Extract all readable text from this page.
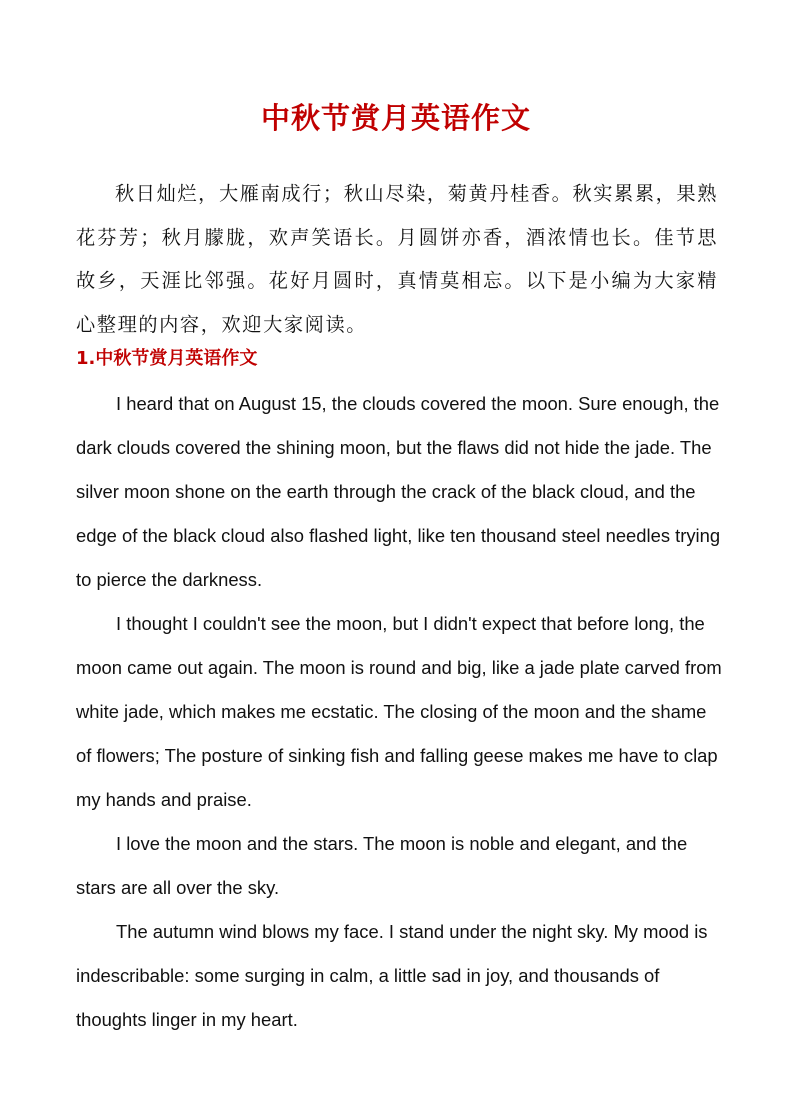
中秋节赏月英语作文

秋日灿烂，大雁南成行；秋山尽染，菊黄丹桂香。秋实累累，果熟花芬芳；秋月朦胧，欢声笑语长。月圆饼亦香，酒浓情也长。佳节思故乡，天涯比邻强。花好月圆时，真情莫相忘。以下是小编为大家精心整理的内容，欢迎大家阅读。

1.中秋节赏月英语作文

I heard that on August 15, the clouds covered the moon. Sure enough, the dark clouds covered the shining moon, but the flaws did not hide the jade. The silver moon shone on the earth through the crack of the black cloud, and the edge of the black cloud also flashed light, like ten thousand steel needles trying to pierce the darkness.

I thought I couldn't see the moon, but I didn't expect that before long, the moon came out again. The moon is round and big, like a jade plate carved from white jade, which makes me ecstatic. The closing of the moon and the shame of flowers; The posture of sinking fish and falling geese makes me have to clap my hands and praise.

I love the moon and the stars. The moon is noble and elegant, and the stars are all over the sky.

The autumn wind blows my face. I stand under the night sky. My mood is indescribable: some surging in calm, a little sad in joy, and thousands of thoughts linger in my heart.
